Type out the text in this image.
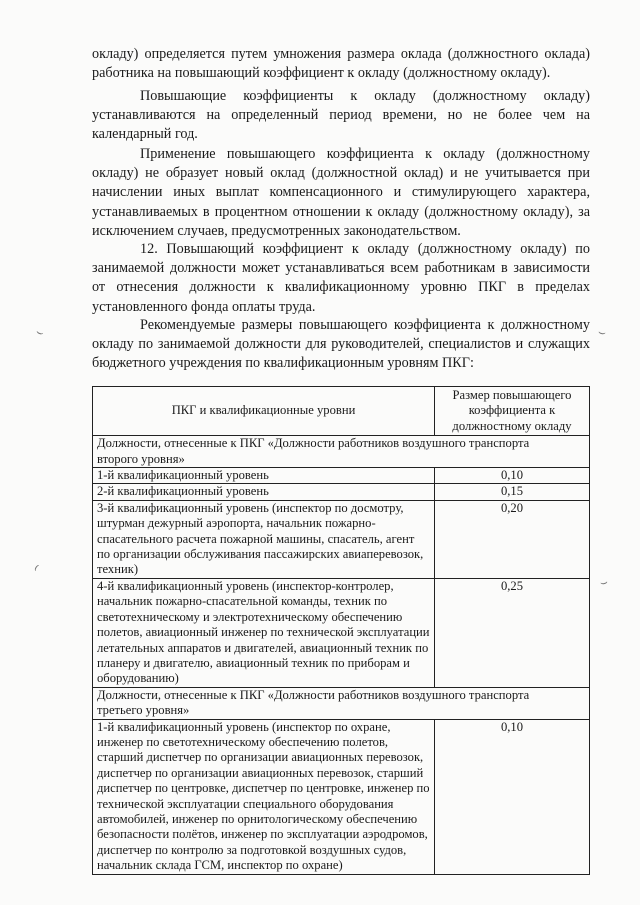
окладу) определяется путем умножения размера оклада (должностного оклада) работника на повышающий коэффициент к окладу (должностному окладу).

Повышающие коэффициенты к окладу (должностному окладу) устанавливаются на определенный период времени, но не более чем на календарный год.

Применение повышающего коэффициента к окладу (должностному окладу) не образует новый оклад (должностной оклад) и не учитывается при начислении иных выплат компенсационного и стимулирующего характера, устанавливаемых в процентном отношении к окладу (должностному окладу), за исключением случаев, предусмотренных законодательством.

12. Повышающий коэффициент к окладу (должностному окладу) по занимаемой должности может устанавливаться всем работникам в зависимости от отнесения должности к квалификационному уровню ПКГ в пределах установленного фонда оплаты труда.

Рекомендуемые размеры повышающего коэффициента к должностному окладу по занимаемой должности для руководителей, специалистов и служащих бюджетного учреждения по квалификационным уровням ПКГ:

ПКГ и квалификационные уровни	Размер повышающего коэффициента к должностному окладу
Должности, отнесенные к ПКГ «Должности работников воздушного транспорта второго уровня»	
1-й квалификационный уровень	0,10
2-й квалификационный уровень	0,15
3-й квалификационный уровень (инспектор по досмотру, штурман дежурный аэропорта, начальник пожарно-спасательного расчета пожарной машины, спасатель, агент по организации обслуживания пассажирских авиаперевозок, техник)	0,20
4-й квалификационный уровень (инспектор-контролер, начальник пожарно-спасательной команды, техник по светотехническому и электротехническому обеспечению полетов, авиационный инженер по технической эксплуатации летательных аппаратов и двигателей, авиационный техник по планеру и двигателю, авиационный техник по приборам и оборудованию)	0,25
Должности, отнесенные к ПКГ «Должности работников воздушного транспорта третьего уровня»	
1-й квалификационный уровень (инспектор по охране, инженер по светотехническому обеспечению полетов, старший диспетчер по организации авиационных перевозок, диспетчер по организации авиационных перевозок, старший диспетчер по центровке, диспетчер по центровке, инженер по технической эксплуатации специального оборудования автомобилей, инженер по орнитологическому обеспечению безопасности полётов, инженер по эксплуатации аэродромов, диспетчер по контролю за подготовкой воздушных судов, начальник склада ГСМ, инспектор по охране)	0,10
⌣
⌢
⌣
⌣
